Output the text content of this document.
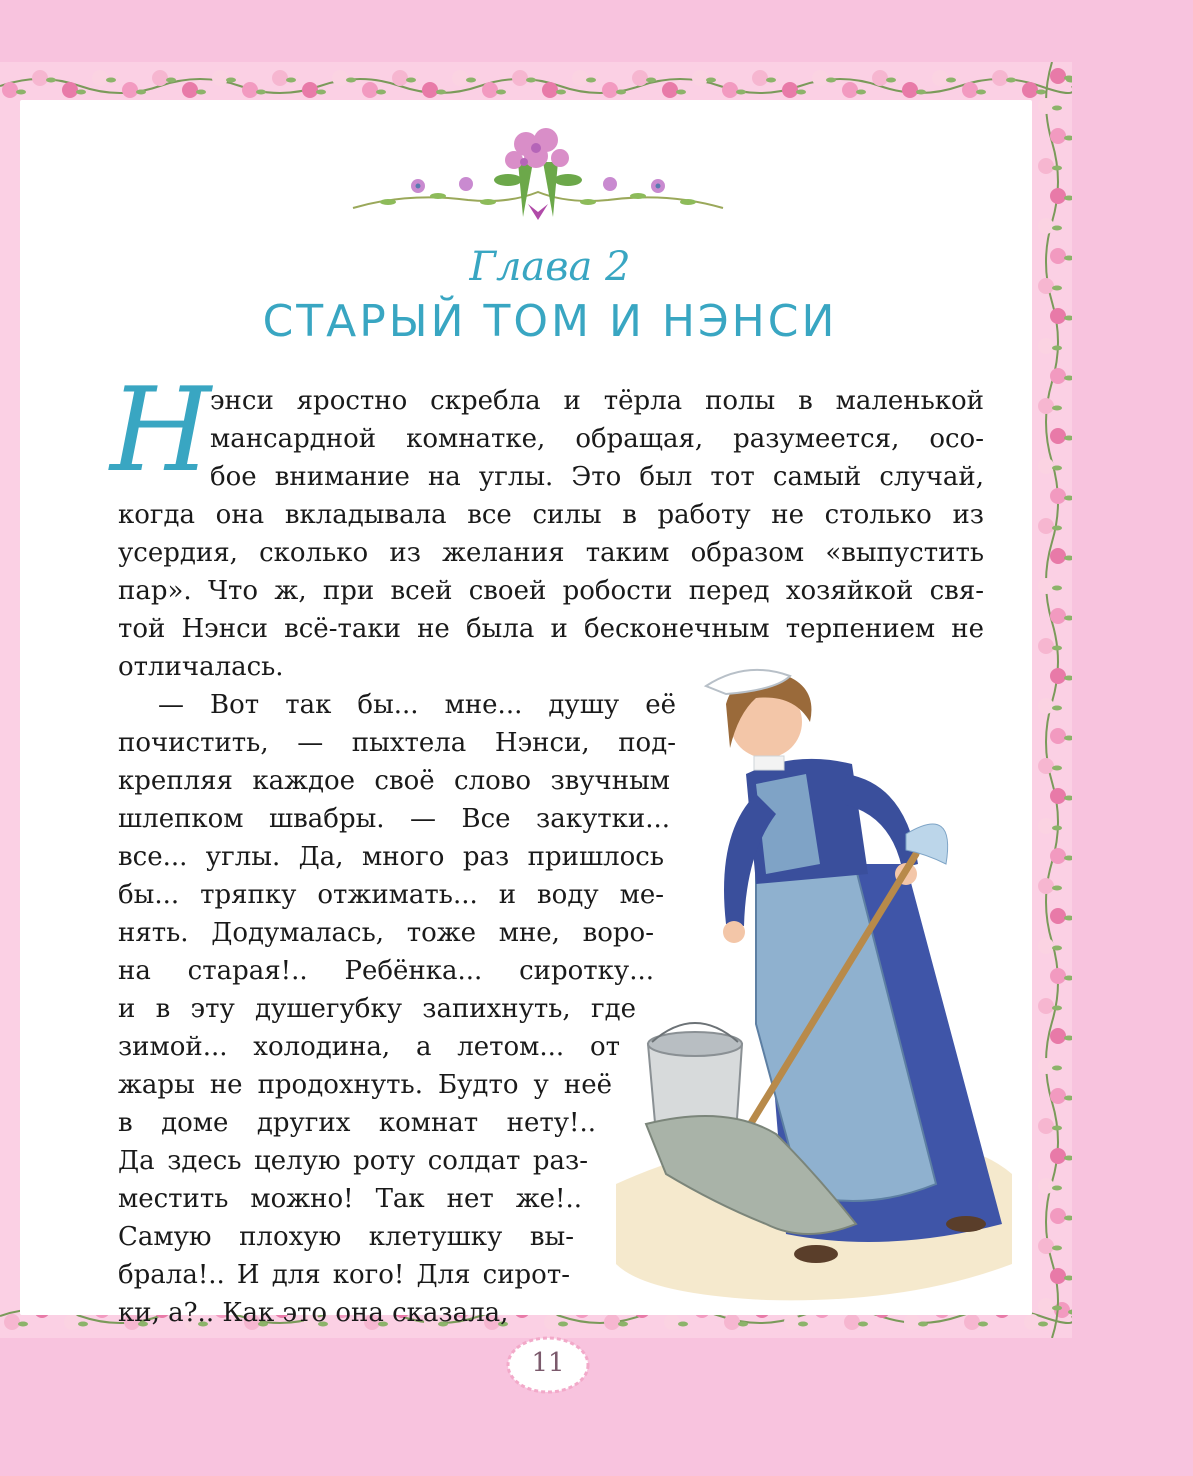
Глава 2
СТАРЫЙ ТОМ И НЭНСИ
Н
энси яростно скребла и тёрла полы в маленькой
мансардной комнатке, обращая, разумеется, осо-
бое внимание на углы. Это был тот самый случай,
когда она вкладывала все силы в работу не столько из
усердия, сколько из желания таким образом «выпустить
пар». Что ж, при всей своей робости перед хозяйкой свя-
той Нэнси всё-таки не была и бесконечным терпением не
отличалась.
— Вот так бы... мне... душу её
почистить, — пыхтела Нэнси, под-
крепляя каждое своё слово звучным
шлепком швабры. — Все закутки...
все... углы. Да, много раз пришлось
бы... тряпку отжимать... и воду ме-
нять. Додумалась, тоже мне, воро-
на старая!.. Ребёнка... сиротку...
и в эту душегубку запихнуть, где
зимой... холодина, а летом... от
жары не продохнуть. Будто у неё
в доме других комнат нету!..
Да здесь целую роту солдат раз-
местить можно! Так нет же!..
Самую плохую клетушку вы-
брала!.. И для кого! Для сирот-
ки, а?.. Как это она сказала,
11
